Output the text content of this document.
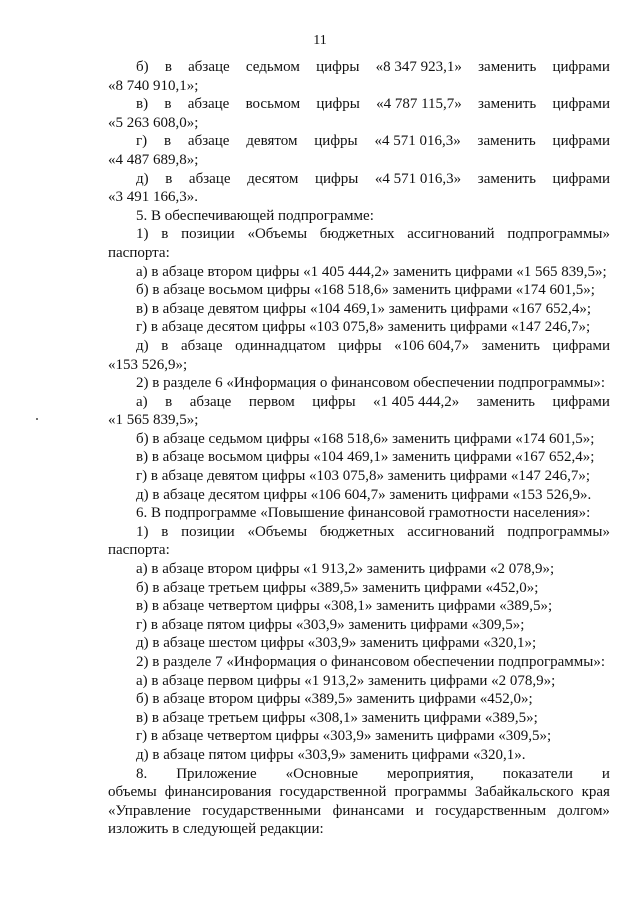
11
б) в абзаце седьмом цифры «8 347 923,1» заменить цифрами
«8 740 910,1»;
в) в абзаце восьмом цифры «4 787 115,7» заменить цифрами
«5 263 608,0»;
г) в абзаце девятом цифры «4 571 016,3» заменить цифрами
«4 487 689,8»;
д) в абзаце десятом цифры «4 571 016,3» заменить цифрами
«3 491 166,3».
5. В обеспечивающей подпрограмме:
1) в позиции «Объемы бюджетных ассигнований подпрограммы»
паспорта:
а) в абзаце втором цифры «1 405 444,2» заменить цифрами «1 565 839,5»;
б) в абзаце восьмом цифры «168 518,6» заменить цифрами «174 601,5»;
в) в абзаце девятом цифры «104 469,1» заменить цифрами «167 652,4»;
г) в абзаце десятом цифры «103 075,8» заменить цифрами «147 246,7»;
д) в абзаце одиннадцатом цифры «106 604,7» заменить цифрами
«153 526,9»;
2) в разделе 6 «Информация о финансовом обеспечении подпрограммы»:
а) в абзаце первом цифры «1 405 444,2» заменить цифрами
«1 565 839,5»;
б) в абзаце седьмом цифры «168 518,6» заменить цифрами «174 601,5»;
в) в абзаце восьмом цифры «104 469,1» заменить цифрами «167 652,4»;
г) в абзаце девятом цифры «103 075,8» заменить цифрами «147 246,7»;
д) в абзаце десятом цифры «106 604,7» заменить цифрами «153 526,9».
6. В подпрограмме «Повышение финансовой грамотности населения»:
1) в позиции «Объемы бюджетных ассигнований подпрограммы»
паспорта:
а) в абзаце втором цифры «1 913,2» заменить цифрами «2 078,9»;
б) в абзаце третьем цифры «389,5» заменить цифрами «452,0»;
в) в абзаце четвертом цифры «308,1» заменить цифрами «389,5»;
г) в абзаце пятом цифры «303,9» заменить цифрами «309,5»;
д) в абзаце шестом цифры «303,9» заменить цифрами «320,1»;
2) в разделе 7 «Информация о финансовом обеспечении подпрограммы»:
а) в абзаце первом цифры «1 913,2» заменить цифрами «2 078,9»;
б) в абзаце втором цифры «389,5» заменить цифрами «452,0»;
в) в абзаце третьем цифры «308,1» заменить цифрами «389,5»;
г) в абзаце четвертом цифры «303,9» заменить цифрами «309,5»;
д) в абзаце пятом цифры «303,9» заменить цифрами «320,1».
8. Приложение «Основные мероприятия, показатели и
объемы финансирования государственной программы Забайкальского края
«Управление государственными финансами и государственным долгом»
изложить в следующей редакции:
